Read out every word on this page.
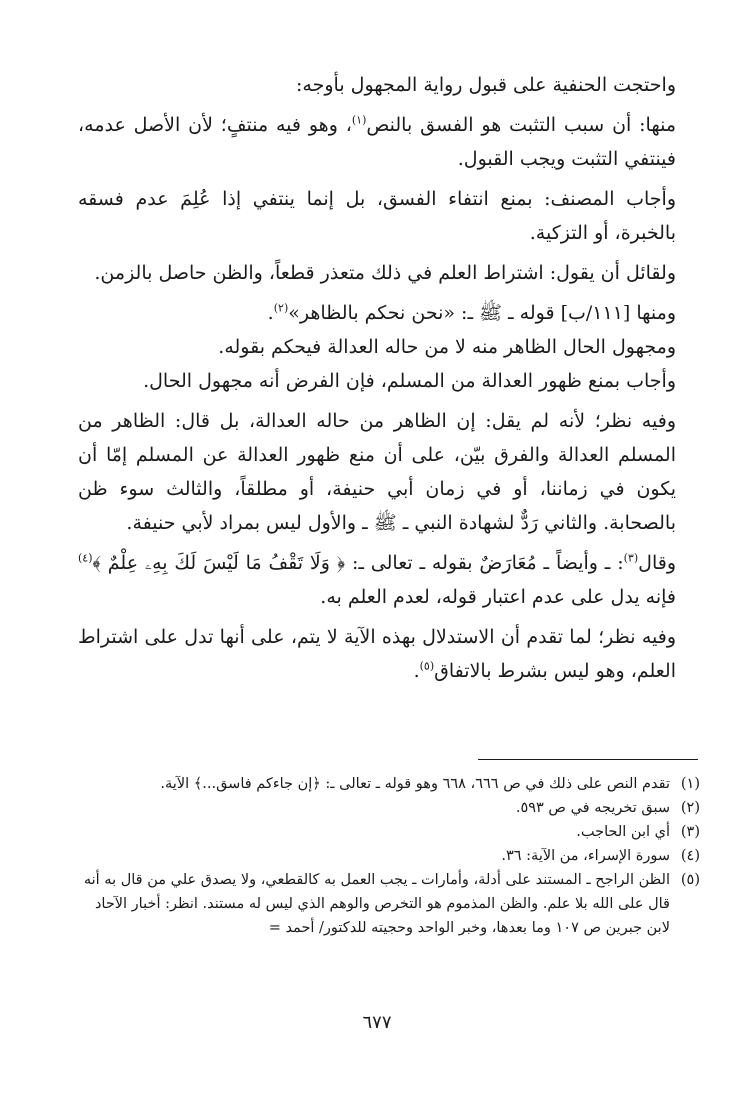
واحتجت الحنفية على قبول رواية المجهول بأوجه:

منها: أن سبب التثبت هو الفسق بالنص$^{(١)}$، وهو فيه منتفٍ؛ لأن الأصل عدمه، فينتفي التثبت ويجب القبول.

وأجاب المصنف: بمنع انتفاء الفسق، بل إنما ينتفي إذا عُلِمَ عدم فسقه بالخبرة، أو التزكية.

ولقائل أن يقول: اشتراط العلم في ذلك متعذر قطعاً، والظن حاصل بالزمن.

ومنها [١١١/ب] قوله ـ ﷺ ـ: «نحن نحكم بالظاهر»$^{(٢)}$.

ومجهول الحال الظاهر منه لا من حاله العدالة فيحكم بقوله.

وأجاب بمنع ظهور العدالة من المسلم، فإن الفرض أنه مجهول الحال.

وفيه نظر؛ لأنه لم يقل: إن الظاهر من حاله العدالة، بل قال: الظاهر من المسلم العدالة والفرق بيّن، على أن منع ظهور العدالة عن المسلم إمّا أن يكون في زماننا، أو في زمان أبي حنيفة، أو مطلقاً، والثالث سوء ظن بالصحابة. والثاني رَدٌّ لشهادة النبي ـ ﷺ ـ والأول ليس بمراد لأبي حنيفة.

وقال$^{(٣)}$: ـ وأيضاً ـ مُعَارَضٌ بقوله ـ تعالى ـ: ﴿ وَلَا تَقْفُ مَا لَيْسَ لَكَ بِهِۦ عِلْمٌ ﴾$^{(٤)}$ فإنه يدل على عدم اعتبار قوله، لعدم العلم به.

وفيه نظر؛ لما تقدم أن الاستدلال بهذه الآية لا يتم، على أنها تدل على اشتراط العلم، وهو ليس بشرط بالاتفاق$^{(٥)}$.

(١)
تقدم النص على ذلك في ص ٦٦٦، ٦٦٨ وهو قوله ـ تعالى ـ: ﴿إن جاءكم فاسق...﴾ الآية.
(٢)
سبق تخريجه في ص ٥٩٣.
(٣)
أي ابن الحاجب.
(٤)
سورة الإسراء، من الآية: ٣٦.
(٥)
الظن الراجح ـ المستند على أدلة، وأمارات ـ يجب العمل به كالقطعي، ولا يصدق علي من قال به أنه قال على الله بلا علم. والظن المذموم هو التخرص والوهم الذي ليس له مستند. انظر: أخبار الآحاد لابن جبرين ص ١٠٧ وما بعدها، وخبر الواحد وحجيته للدكتور/ أحمد =
٦٧٧
